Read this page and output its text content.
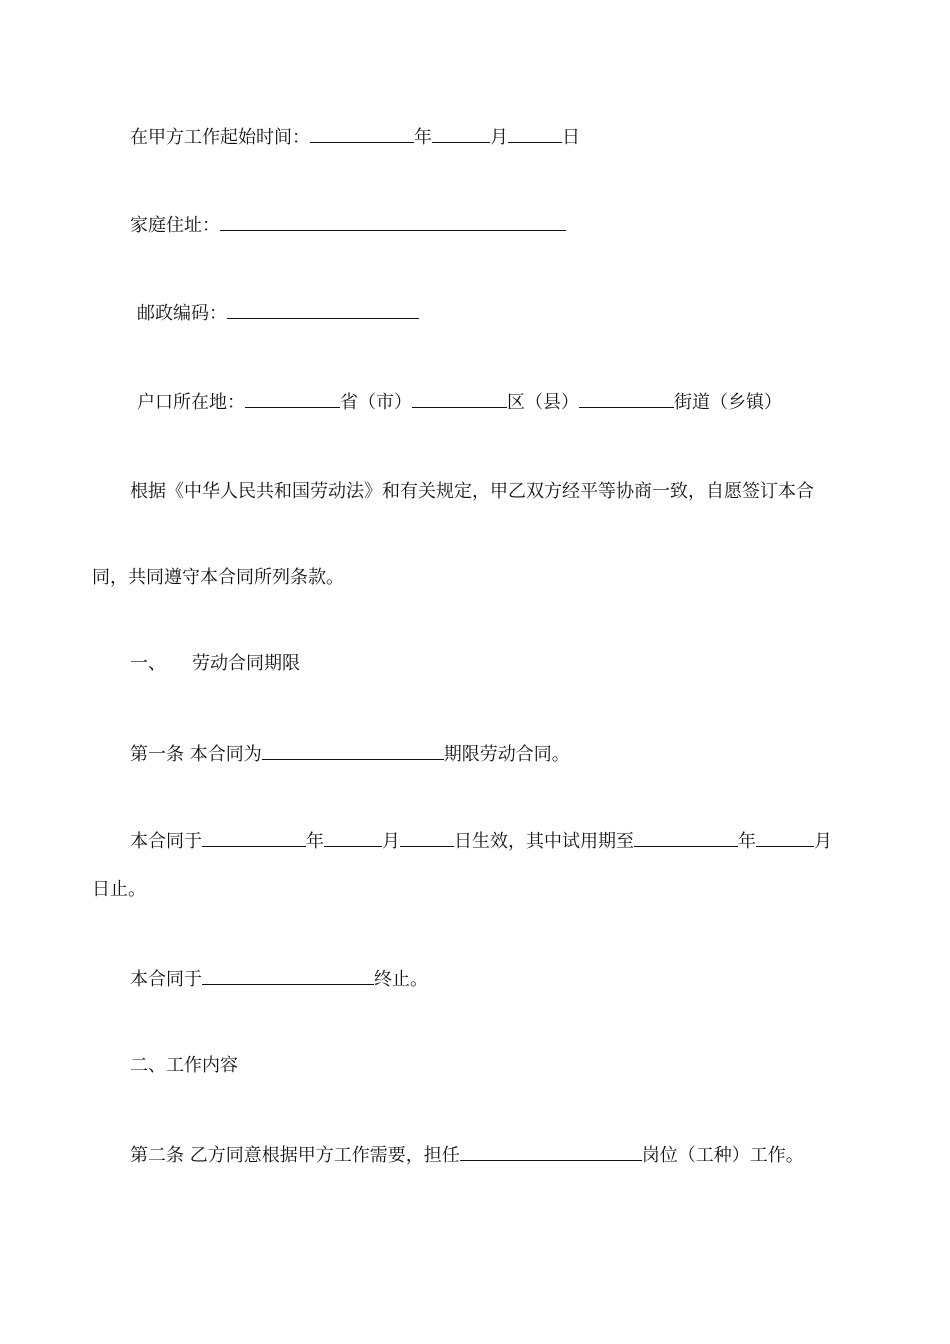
在甲方工作起始时间：	年	月	日
家庭住址：
邮政编码：
户口所在地：	省（市）	区（县）	街道（乡镇）
根据《中华人民共和国劳动法》和有关规定，甲乙双方经平等协商一致，自愿签订本合
同，共同遵守本合同所列条款。
一、 劳动合同期限
第一条 本合同为	期限劳动合同。
本合同于	年	月	日生效，其中试用期至	年	月
日止。
本合同于	终止。
二、工作内容
第二条 乙方同意根据甲方工作需要，担任	岗位（工种）工作。
